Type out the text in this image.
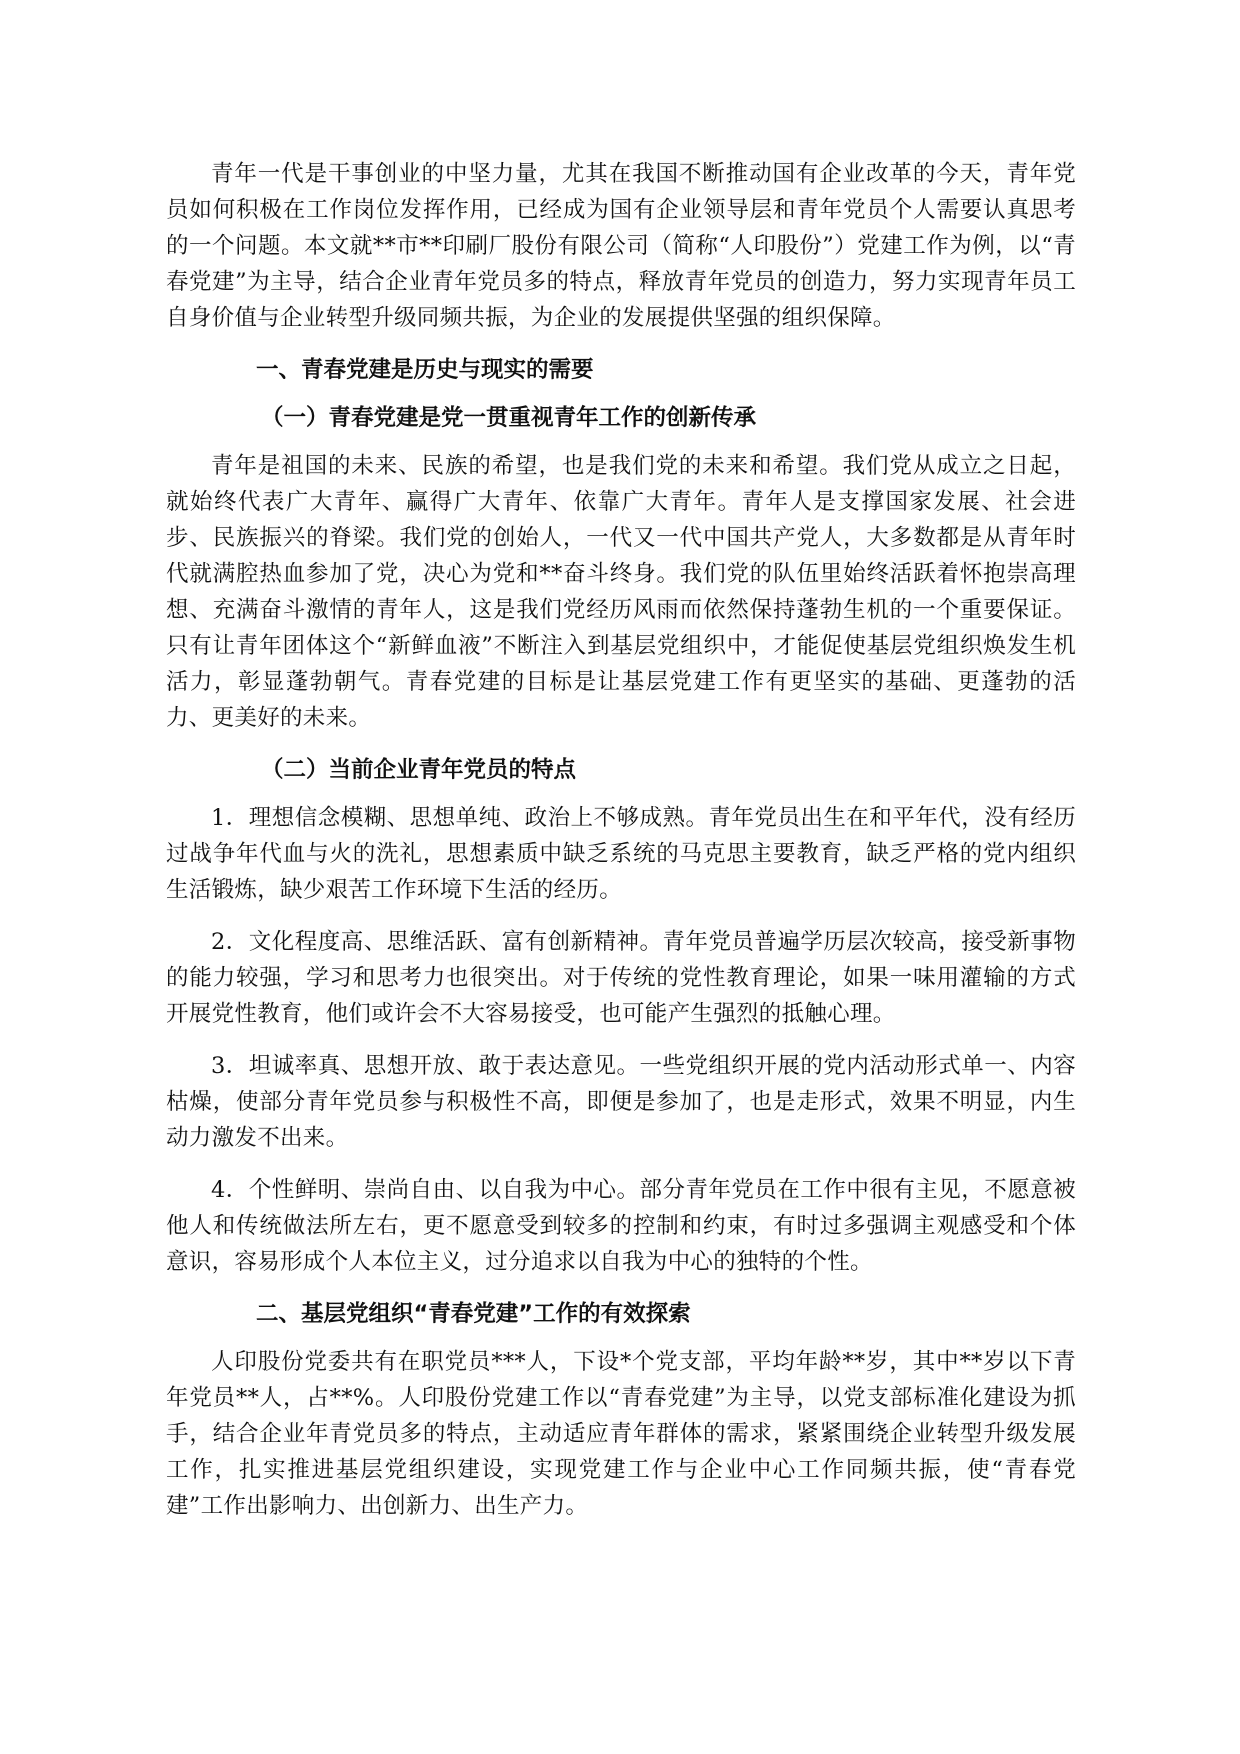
青年一代是干事创业的中坚力量，尤其在我国不断推动国有企业改革的今天，青年党员如何积极在工作岗位发挥作用，已经成为国有企业领导层和青年党员个人需要认真思考的一个问题。本文就**市**印刷厂股份有限公司（简称“人印股份”）党建工作为例，以“青春党建”为主导，结合企业青年党员多的特点，释放青年党员的创造力，努力实现青年员工自身价值与企业转型升级同频共振，为企业的发展提供坚强的组织保障。

一、青春党建是历史与现实的需要
（一）青春党建是党一贯重视青年工作的创新传承

青年是祖国的未来、民族的希望，也是我们党的未来和希望。我们党从成立之日起，就始终代表广大青年、赢得广大青年、依靠广大青年。青年人是支撑国家发展、社会进步、民族振兴的脊梁。我们党的创始人，一代又一代中国共产党人，大多数都是从青年时代就满腔热血参加了党，决心为党和**奋斗终身。我们党的队伍里始终活跃着怀抱崇高理想、充满奋斗激情的青年人，这是我们党经历风雨而依然保持蓬勃生机的一个重要保证。只有让青年团体这个“新鲜血液”不断注入到基层党组织中，才能促使基层党组织焕发生机活力，彰显蓬勃朝气。青春党建的目标是让基层党建工作有更坚实的基础、更蓬勃的活力、更美好的未来。

（二）当前企业青年党员的特点

1．理想信念模糊、思想单纯、政治上不够成熟。青年党员出生在和平年代，没有经历过战争年代血与火的洗礼，思想素质中缺乏系统的马克思主要教育，缺乏严格的党内组织生活锻炼，缺少艰苦工作环境下生活的经历。

2．文化程度高、思维活跃、富有创新精神。青年党员普遍学历层次较高，接受新事物的能力较强，学习和思考力也很突出。对于传统的党性教育理论，如果一味用灌输的方式开展党性教育，他们或许会不大容易接受，也可能产生强烈的抵触心理。

3．坦诚率真、思想开放、敢于表达意见。一些党组织开展的党内活动形式单一、内容枯燥，使部分青年党员参与积极性不高，即便是参加了，也是走形式，效果不明显，内生动力激发不出来。

4．个性鲜明、崇尚自由、以自我为中心。部分青年党员在工作中很有主见，不愿意被他人和传统做法所左右，更不愿意受到较多的控制和约束，有时过多强调主观感受和个体意识，容易形成个人本位主义，过分追求以自我为中心的独特的个性。

二、基层党组织“青春党建”工作的有效探索

人印股份党委共有在职党员***人，下设*个党支部，平均年龄**岁，其中**岁以下青年党员**人，占**%。人印股份党建工作以“青春党建”为主导，以党支部标准化建设为抓手，结合企业年青党员多的特点，主动适应青年群体的需求，紧紧围绕企业转型升级发展工作，扎实推进基层党组织建设，实现党建工作与企业中心工作同频共振，使“青春党建”工作出影响力、出创新力、出生产力。
